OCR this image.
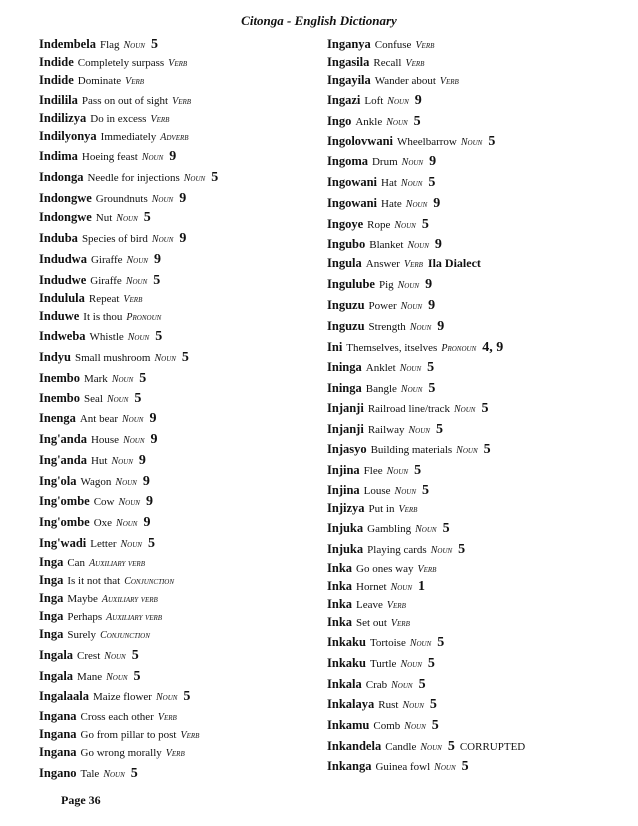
Citonga - English Dictionary
Indembela Flag Noun 5
Indide Completely surpass Verb
Indide Dominate Verb
Indilila Pass on out of sight Verb
Indilizya Do in excess Verb
Indilyonya Immediately Adverb
Indima Hoeing feast Noun 9
Indonga Needle for injections Noun 5
Indongwe Groundnuts Noun 9
Indongwe Nut Noun 5
Induba Species of bird Noun 9
Indudwa Giraffe Noun 9
Indudwe Giraffe Noun 5
Indulula Repeat Verb
Induwe It is thou Pronoun
Indweba Whistle Noun 5
Indyu Small mushroom Noun 5
Inembo Mark Noun 5
Inembo Seal Noun 5
Inenga Ant bear Noun 9
Ing'anda House Noun 9
Ing'anda Hut Noun 9
Ing'ola Wagon Noun 9
Ing'ombe Cow Noun 9
Ing'ombe Oxe Noun 9
Ing'wadi Letter Noun 5
Inga Can Auxiliary verb
Inga Is it not that Conjunction
Inga Maybe Auxiliary verb
Inga Perhaps Auxiliary verb
Inga Surely Conjunction
Ingala Crest Noun 5
Ingala Mane Noun 5
Ingalaala Maize flower Noun 5
Ingana Cross each other Verb
Ingana Go from pillar to post Verb
Ingana Go wrong morally Verb
Ingano Tale Noun 5
Inganya Confuse Verb
Ingasila Recall Verb
Ingayila Wander about Verb
Ingazi Loft Noun 9
Ingo Ankle Noun 5
Ingolovwani Wheelbarrow Noun 5
Ingoma Drum Noun 9
Ingowani Hat Noun 5
Ingowani Hate Noun 9
Ingoye Rope Noun 5
Ingubo Blanket Noun 9
Ingula Answer Verb Ila Dialect
Ingulube Pig Noun 9
Inguzu Power Noun 9
Inguzu Strength Noun 9
Ini Themselves, itselves Pronoun 4, 9
Ininga Anklet Noun 5
Ininga Bangle Noun 5
Injanji Railroad line/track Noun 5
Injanji Railway Noun 5
Injasyo Building materials Noun 5
Injina Flee Noun 5
Injina Louse Noun 5
Injizya Put in Verb
Injuka Gambling Noun 5
Injuka Playing cards Noun 5
Inka Go ones way Verb
Inka Hornet Noun 1
Inka Leave Verb
Inka Set out Verb
Inkaku Tortoise Noun 5
Inkaku Turtle Noun 5
Inkala Crab Noun 5
Inkalaya Rust Noun 5
Inkamu Comb Noun 5
Inkandela Candle Noun 5 CORRUPTED
Inkanga Guinea fowl Noun 5
Page 36
